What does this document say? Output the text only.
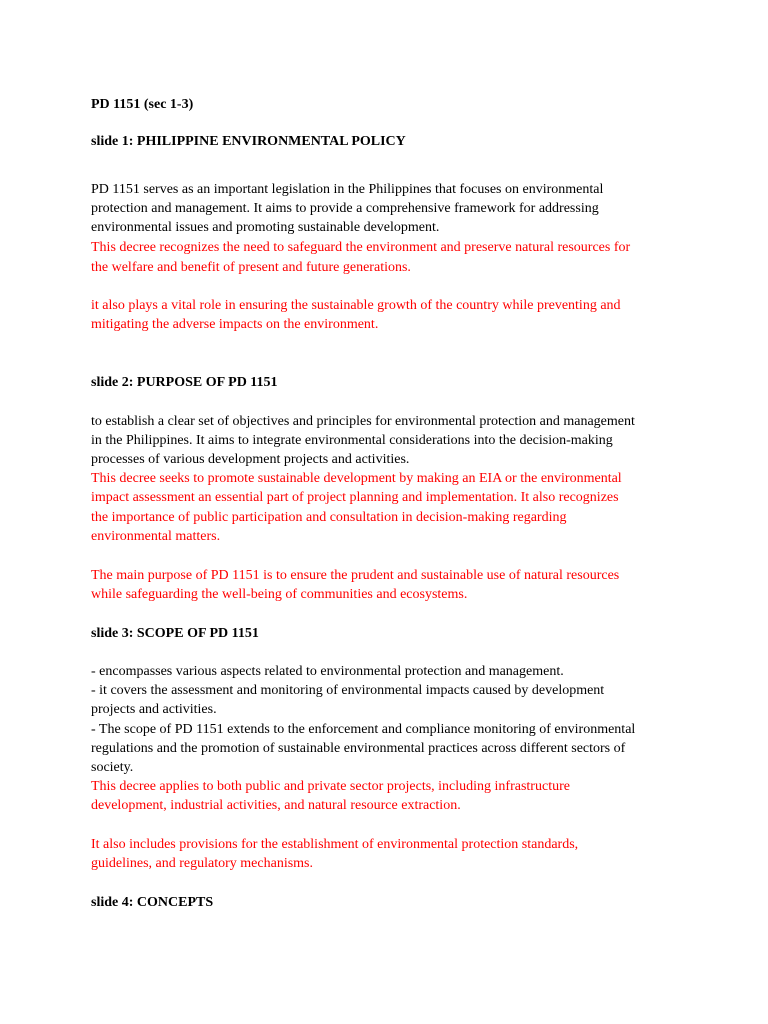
PD 1151 (sec 1-3)
slide 1: PHILIPPINE ENVIRONMENTAL POLICY
PD 1151 serves as an important legislation in the Philippines that focuses on environmental
protection and management. It aims to provide a comprehensive framework for addressing
environmental issues and promoting sustainable development.
This decree recognizes the need to safeguard the environment and preserve natural resources for
the welfare and benefit of present and future generations.
it also plays a vital role in ensuring the sustainable growth of the country while preventing and
mitigating the adverse impacts on the environment.
slide 2: PURPOSE OF PD 1151
to establish a clear set of objectives and principles for environmental protection and management
in the Philippines. It aims to integrate environmental considerations into the decision-making
processes of various development projects and activities.
This decree seeks to promote sustainable development by making an EIA or the environmental
impact assessment an essential part of project planning and implementation. It also recognizes
the importance of public participation and consultation in decision-making regarding
environmental matters.
The main purpose of PD 1151 is to ensure the prudent and sustainable use of natural resources
while safeguarding the well-being of communities and ecosystems.
slide 3: SCOPE OF PD 1151
- encompasses various aspects related to environmental protection and management.
- it covers the assessment and monitoring of environmental impacts caused by development
projects and activities.
- The scope of PD 1151 extends to the enforcement and compliance monitoring of environmental
regulations and the promotion of sustainable environmental practices across different sectors of
society.
This decree applies to both public and private sector projects, including infrastructure
development, industrial activities, and natural resource extraction.
It also includes provisions for the establishment of environmental protection standards,
guidelines, and regulatory mechanisms.
slide 4: CONCEPTS
